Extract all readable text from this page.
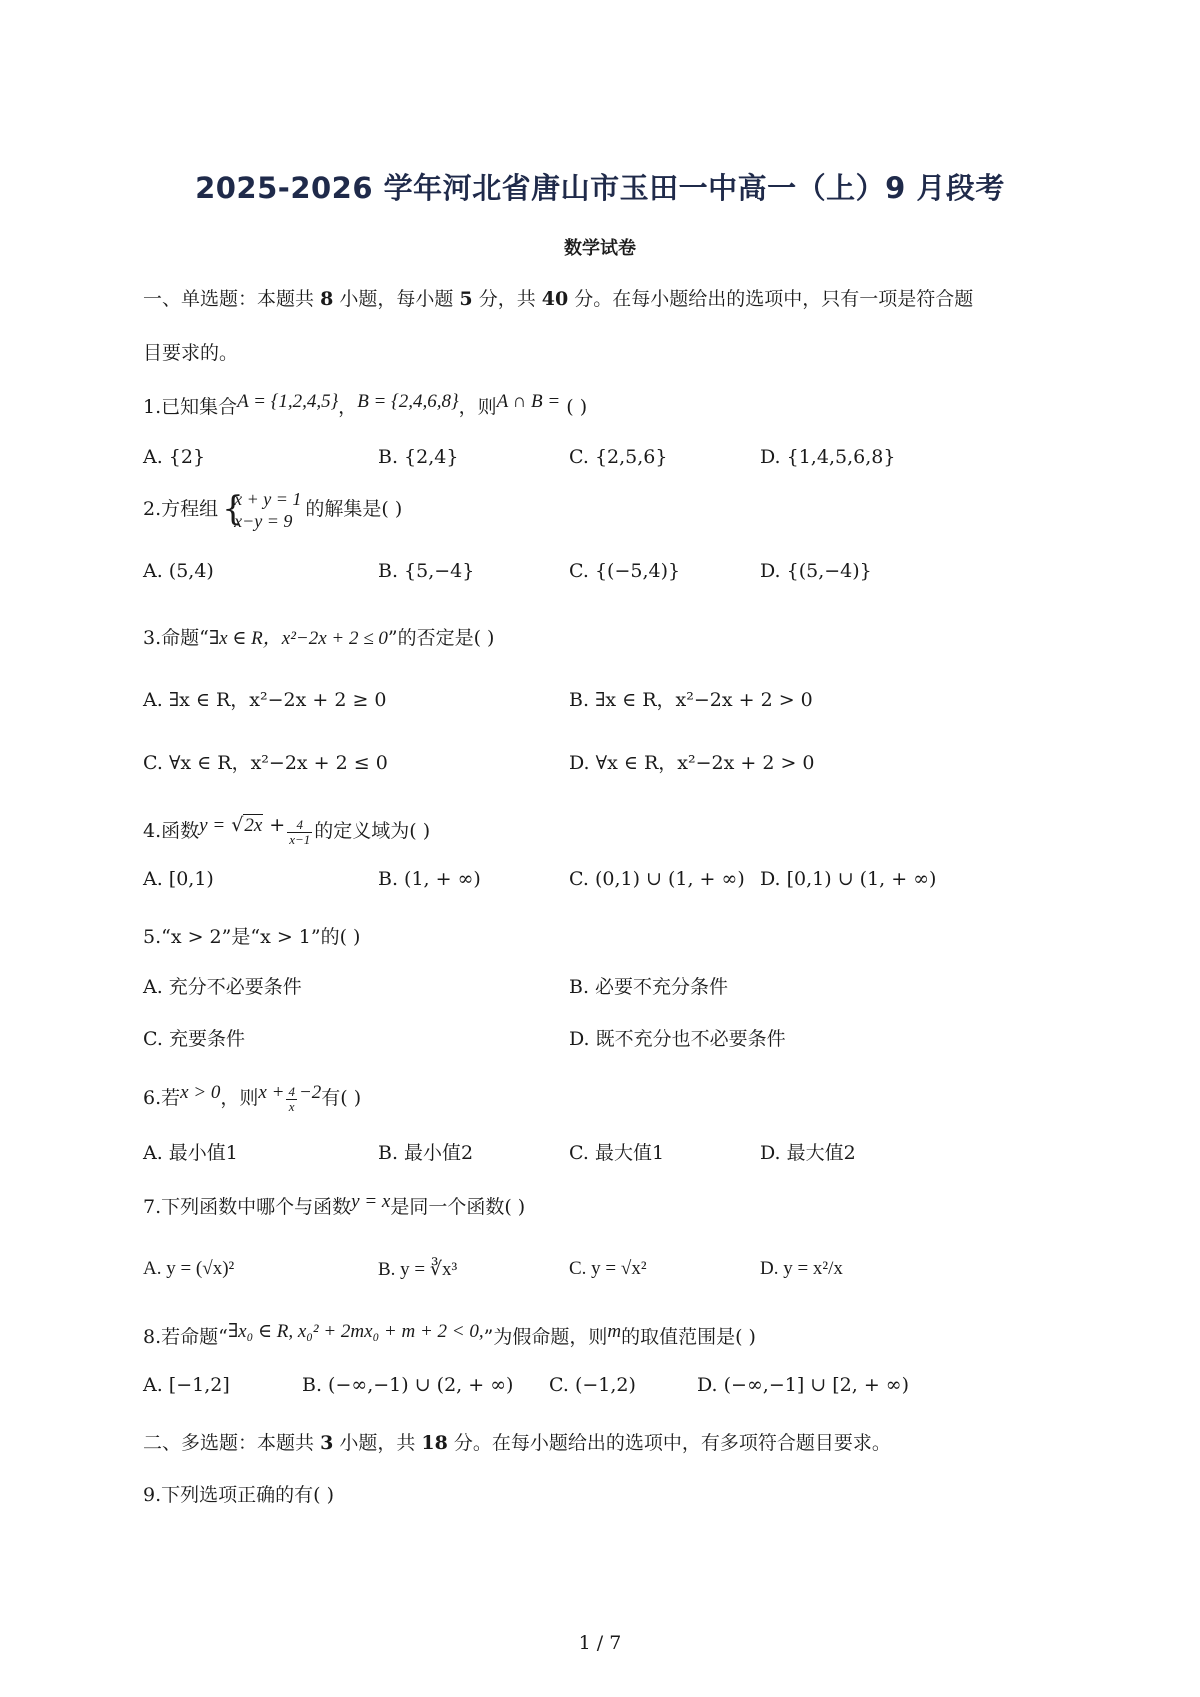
2025-2026 学年河北省唐山市玉田一中高一（上）9 月段考
数学试卷
一、单选题：本题共 8 小题，每小题 5 分，共 40 分。在每小题给出的选项中，只有一项是符合题
目要求的。
1.已知集合A = {1,2,4,5}，B = {2,4,6,8}，则A ∩ B = ( )
A. {2}	B. {2,4}	C. {2,5,6}	D. {1,4,5,6,8}
2.方程组
{ x + y = 1
x−y = 9
的解集是( )
A. (5,4)	B. {5,−4}	C. {(−5,4)}	D. {(5,−4)}
3.命题“∃x ∈ R，x²−2x + 2 ≤ 0”的否定是( )
A. ∃x ∈ R，x²−2x + 2 ≥ 0	B. ∃x ∈ R，x²−2x + 2 > 0
C. ∀x ∈ R，x²−2x + 2 ≤ 0	D. ∀x ∈ R，x²−2x + 2 > 0
4.函数$y = √2x + \frac{4}{x-1}$ 的定义域为( )
A. [0,1)	B. (1, + ∞)	C. (0,1) ∪ (1, + ∞) D. [0,1) ∪ (1, + ∞)
5.“x > 2”是“x > 1”的( )
A. 充分不必要条件	B. 必要不充分条件
C. 充要条件	D. 既不充分也不必要条件
6.若x > 0，则$x + \frac{4}{x} -2$有( )
A. 最小值1	B. 最小值2	C. 最大值1	D. 最大值2
7.下列函数中哪个与函数y = x是同一个函数( )
A. y = (√x)²	B. y = ∛x³	C. y = √x²	D. y = x²/x
8.若命题“∃x₀ ∈ R, x₀² + 2mx₀ + m + 2 < 0,”为假命题，则m的取值范围是( )
A. [−1,2]	B. (−∞,−1) ∪ (2, + ∞) C. (−1,2)	D. (−∞,−1] ∪ [2, + ∞)
二、多选题：本题共 3 小题，共 18 分。在每小题给出的选项中，有多项符合题目要求。
9.下列选项正确的有( )
1 / 7
